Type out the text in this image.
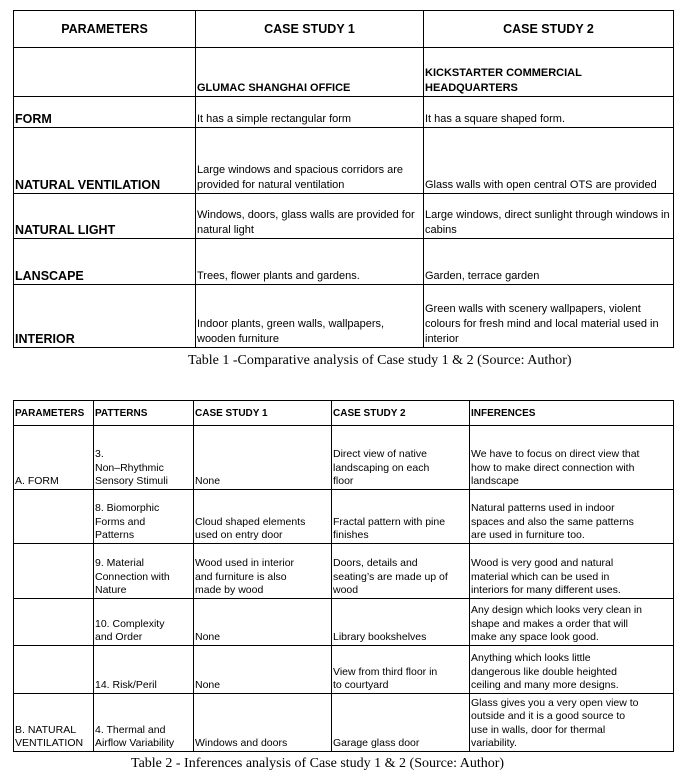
PARAMETERS	CASE STUDY 1	CASE STUDY 2
	GLUMAC SHANGHAI OFFICE	KICKSTARTER COMMERCIAL HEADQUARTERS
FORM	It has a simple rectangular form	It has a square shaped form.
NATURAL VENTILATION	Large windows and spacious corridors are provided for natural ventilation	Glass walls with open central OTS are provided
NATURAL LIGHT	Windows, doors, glass walls are provided for natural light	Large windows, direct sunlight through windows in cabins
LANSCAPE	Trees, flower plants and gardens.	Garden, terrace garden
INTERIOR	Indoor plants, green walls, wallpapers, wooden furniture	Green walls with scenery wallpapers, violent colours for fresh mind and local material used in interior
Table 1 -Comparative analysis of Case study 1 & 2 (Source: Author)
PARAMETERS	PATTERNS	CASE STUDY 1	CASE STUDY 2	INFERENCES
A. FORM	3.
Non–Rhythmic
Sensory Stimuli	None	Direct view of native
landscaping on each
floor	We have to focus on direct view that
how to make direct connection with
landscape
	8. Biomorphic
Forms and
Patterns	Cloud shaped elements
used on entry door	Fractal pattern with pine
finishes	Natural patterns used in indoor
spaces and also the same patterns
are used in furniture too.
	9. Material
Connection with
Nature	Wood used in interior
and furniture is also
made by wood	Doors, details and
seating’s are made up of
wood	Wood is very good and natural
material which can be used in
interiors for many different uses.
	10. Complexity
and Order	None	Library bookshelves	Any design which looks very clean in
shape and makes a order that will
make any space look good.
	14. Risk/Peril	None	View from third floor in
to courtyard	Anything which looks little
dangerous like double heighted
ceiling and many more designs.
B. NATURAL
VENTILATION	4. Thermal and
Airflow Variability	Windows and doors	Garage glass door	Glass gives you a very open view to
outside and it is a good source to
use in walls, door for thermal
variability.
Table 2 - Inferences analysis of Case study 1 & 2 (Source: Author)
